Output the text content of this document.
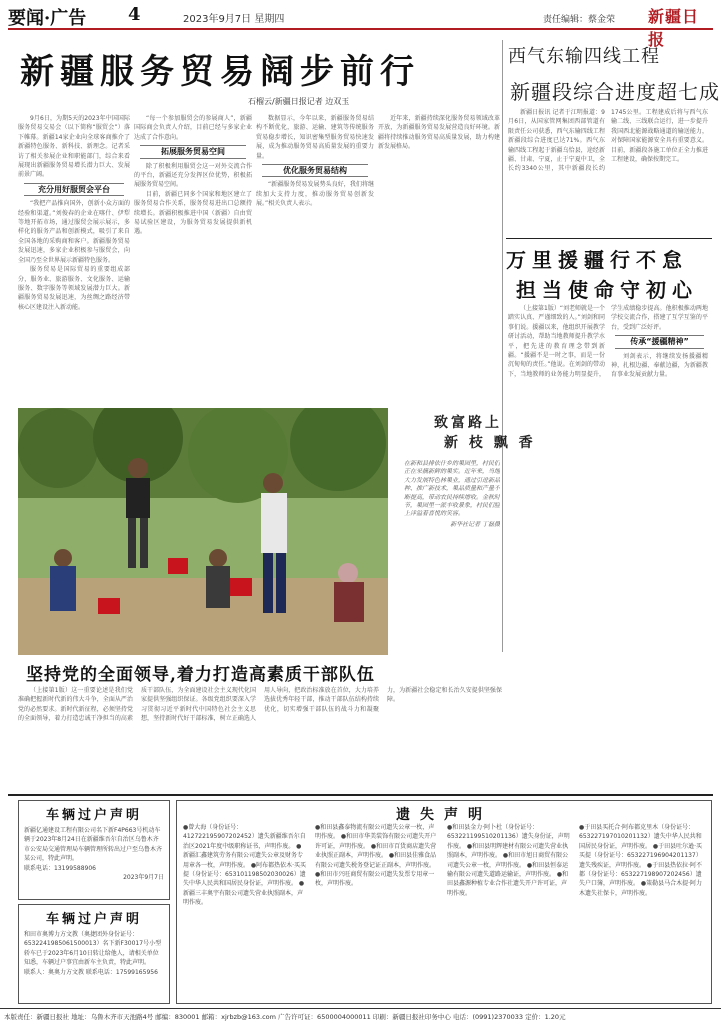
要闻·广告 4	2023年9月7日 星期四	责任编辑：蔡金荣 新疆日报
新疆服务贸易阔步前行
石榴云/新疆日报记者 边双玉
西气东输四线工程
新疆段综合进度超七成

9月6日，为期5天的2023年中国国际服务贸易交易会（以下简称“服贸会”）落下帷幕。新疆14家企业向全球客商推介了新疆特色服务、新科技、新理念。记者采访了相关参展企业和职能部门，综合来看展现出新疆服务贸易增长潜力巨大、发展前景广阔。

充分用好服贸会平台

“我把产品推向国外，创新小众方面的经验和渠道。”刘俊春的企业在喀什、伊犁等地开拓市场，通过服贸会展示展示，多样化的服务产品和创新模式，吸引了来自全国各地的采购商和客户。新疆服务贸易发展迅速，多家企业积极参与服贸会，向全国乃至全世界展示新疆特色服务。

服务贸易是国际贸易的重要组成部分，服务业、旅游服务、文化服务、运输服务、数字服务等领域发展潜力巨大。新疆服务贸易发展迅速，为丝绸之路经济带核心区建设注入新动能。

“每一个参加服贸会的参展商人”，新疆国际商会负责人介绍，目前已经与多家企业达成了合作意向。

拓展服务贸易空间

除了积极利用服贸会这一对外交流合作的平台，新疆还充分发挥区位优势，积极拓展服务贸易空间。

目前，新疆已同多个国家和地区建立了服务贸易合作关系，服务贸易进出口总额持续增长。新疆积极推进中国（新疆）自由贸易试验区建设，为服务贸易发展提供新机遇。

数据显示，今年以来，新疆服务贸易结构不断优化，旅游、运输、建筑等传统服务贸易稳步增长，知识密集型服务贸易快速发展，成为推动服务贸易高质量发展的重要力量。

优化服务贸易结构

“新疆服务贸易发展势头良好，我们将继续加大支持力度，推动服务贸易创新发展。”相关负责人表示。

近年来，新疆持续深化服务贸易领域改革开放，为新疆服务贸易发展营造良好环境。新疆将持续推动服务贸易高质量发展，助力构建新发展格局。

新疆日报讯 记者于江明报道：9月6日，从国家管网集团西部管道有限责任公司获悉，西气东输四线工程新疆段综合进度已达71%。西气东输四线工程起于新疆乌恰县，途经新疆、甘肃、宁夏，止于宁夏中卫，全长约3340公里，其中新疆段长约1745公里。工程建成后将与西气东输二线、三线联合运行，进一步提升我国西北能源战略通道的输送能力，对保障国家能源安全具有重要意义。目前，新疆段各施工单位正全力推进工程建设，确保按期完工。

万里援疆行不怠
担当使命守初心

（上接第1版）“刘老师就是一个踏实认真、严谨细致的人。”刘剑和同事们说。援疆以来，他组织开展教学研讨活动，帮助当地教师提升教学水平，把先进的教育理念带到新疆。“援疆不是一时之事，而是一份沉甸甸的责任。”他说。在刘剑的带动下，当地教师的业务能力明显提升，学生成绩稳步提高。他积极推动两地学校交流合作，搭建了互学互鉴的平台，受到广泛好评。

传承“援疆精神”

刘剑表示，将继续发扬援疆精神，扎根边疆、奉献边疆，为新疆教育事业发展贡献力量。

致富路上
新 枝 飘 香

在新和县排依什乡的果园里，村民们正在采摘新鲜的果实。近年来，当地大力发展特色林果业，通过引进新品种、推广新技术，果品质量和产量不断提高，带动农民持续增收。金秋时节，果园里一派丰收景象，村民们脸上洋溢着喜悦的笑容。

新华社记者 丁磊摄

坚持党的全面领导,着力打造高素质干部队伍

（上接第1版）这一重要论述是我们党准确把握新时代新的伟大斗争，全面从严治党的必然要求。新时代新征程，必须坚持党的全面领导，着力打造忠诚干净担当的高素质干部队伍，为全面建设社会主义现代化国家提供坚强组织保证。各级党组织要深入学习贯彻习近平新时代中国特色社会主义思想，坚持新时代好干部标准，树立正确选人用人导向，把政治标准放在首位，大力培养选拔优秀年轻干部，推动干部队伍结构持续优化，切实增强干部队伍的战斗力和凝聚力，为新疆社会稳定和长治久安提供坚强保障。

车辆过户声明

新疆亿通建设工程有限公司名下新F4P663号机动车辆于2023年8月24日在新疆维吾尔自治区乌鲁木齐市公安局交通管理局车辆管理所转出过户至乌鲁木齐某公司，特此声明。

联系电话：13199588906

2023年9月7日

车辆过户声明

和田市奥博力方文教（奥捷团外身份证号：6532241985061500013）名下新F30017号小型轿车已于2023年6月10日转让给他人，请相关单位知悉，车辆过户事宜由新车主负责，特此声明。

联系人：奥奥力方文教 联系电话：17599165956

遗失声明
●曾大海（身份证号：412722195907202452）遗失新疆维吾尔自治区2021年度中级职称证书，声明作废。 ●新疆汇鑫建筑劳务有限公司遗失公章及财务专用章各一枚，声明作废。 ●阿布都热依木·买买提（身份证号：653101198502030026）遗失中华人民共和国居民身份证，声明作废。 ●新疆三丰奥宇有限公司遗失营业执照副本，声明作废。
●和田县鑫泰物流有限公司遗失公章一枚，声明作废。 ●和田市华美装饰有限公司遗失开户许可证，声明作废。 ●和田市百货商店遗失营业执照正副本，声明作废。 ●和田县佳雅食品有限公司遗失税务登记证正副本，声明作废。 ●和田市兴旺商贸有限公司遗失发票专用章一枚，声明作废。
●和田县金力·阿卜杜（身份证号：653221199510201136）遗失身份证，声明作废。 ●和田县明辉建材有限公司遗失营业执照副本，声明作废。 ●和田市旭日商贸有限公司遗失公章一枚，声明作废。 ●和田县恒泰运输有限公司遗失道路运输证，声明作废。 ●和田县鑫源种植专业合作社遗失开户许可证，声明作废。
●于田县买托合·阿布都克里木（身份证号：653227197010201132）遗失中华人民共和国居民身份证，声明作废。 ●于田县吐尔逊·买买提（身份证号：653227196904201137）遗失残疾证，声明作废。 ●于田县热依拉·阿不都（身份证号：653227198907202456）遗失户口簿，声明作废。 ●策勒县马合木提·阿力木遗失社保卡，声明作废。
本版责任：新疆日报社 地址：乌鲁木齐市天池路4号 邮编：830001 邮箱：xjrbzb@163.com 广告许可证：6500004000011 印刷：新疆日报社印务中心 电话：(0991)2370033 定价：1.20元
